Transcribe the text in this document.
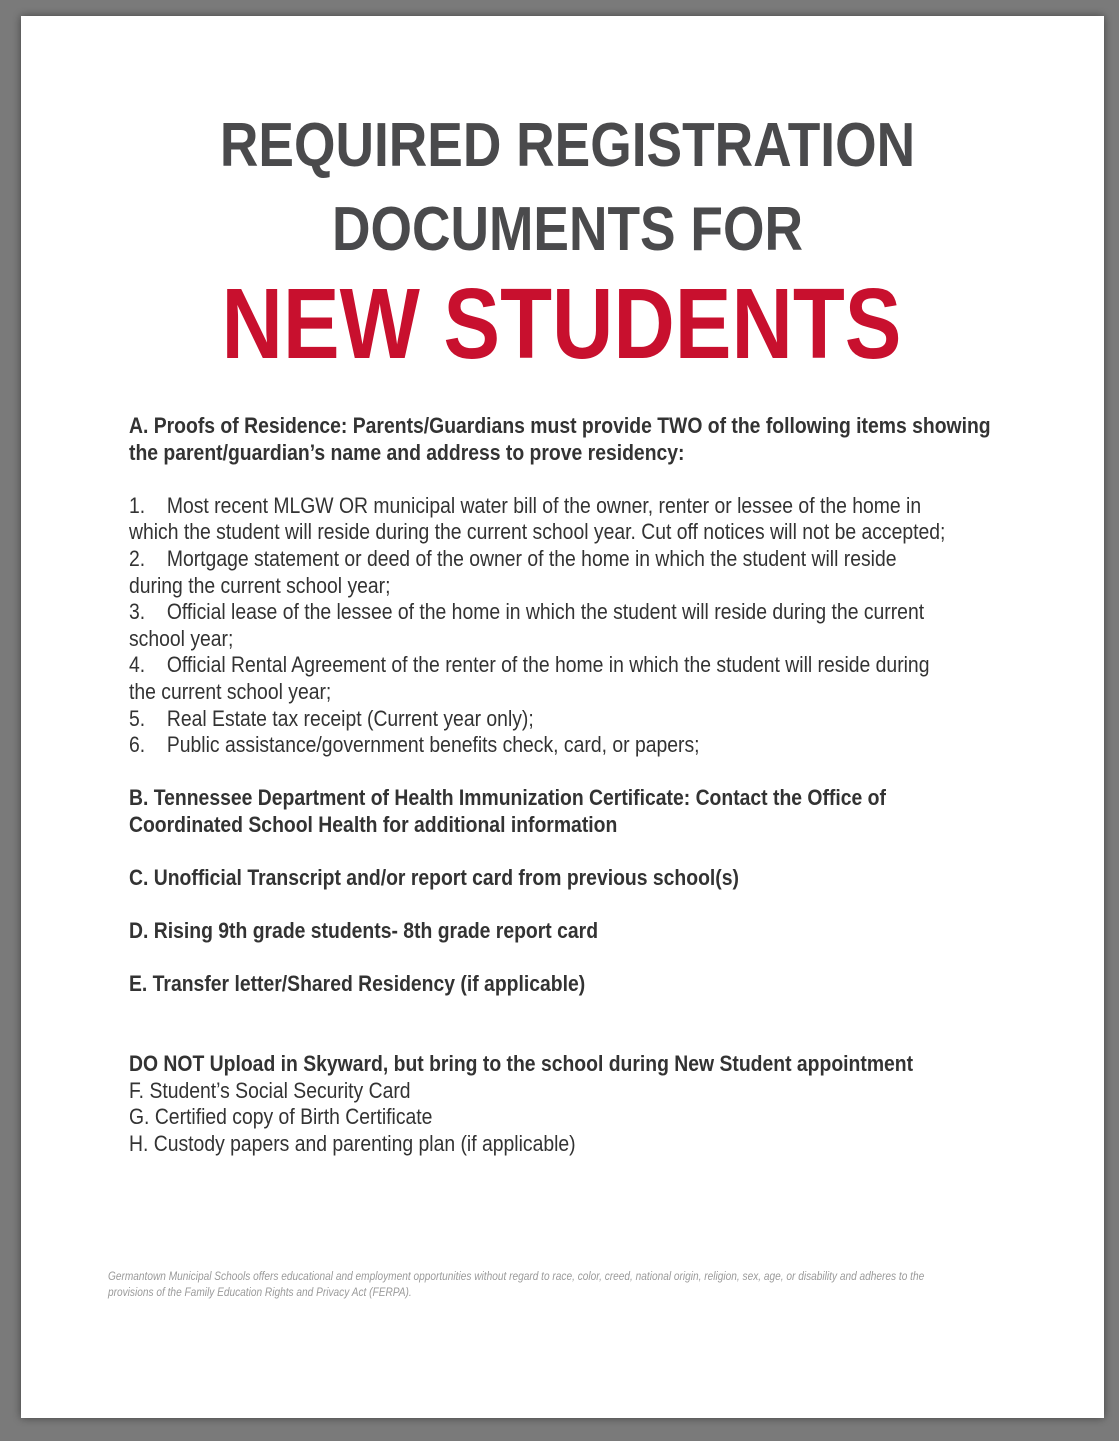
REQUIRED REGISTRATION
DOCUMENTS FOR
NEW STUDENTS
A. Proofs of Residence: Parents/Guardians must provide TWO of the following items showing
the parent/guardian’s name and address to prove residency:
1. Most recent MLGW OR municipal water bill of the owner, renter or lessee of the home in
which the student will reside during the current school year. Cut off notices will not be accepted;
2. Mortgage statement or deed of the owner of the home in which the student will reside
during the current school year;
3. Official lease of the lessee of the home in which the student will reside during the current
school year;
4. Official Rental Agreement of the renter of the home in which the student will reside during
the current school year;
5. Real Estate tax receipt (Current year only);
6. Public assistance/government benefits check, card, or papers;
B. Tennessee Department of Health Immunization Certificate: Contact the Office of
Coordinated School Health for additional information
C. Unofficial Transcript and/or report card from previous school(s)
D. Rising 9th grade students- 8th grade report card
E. Transfer letter/Shared Residency (if applicable)
DO NOT Upload in Skyward, but bring to the school during New Student appointment
F. Student’s Social Security Card
G. Certified copy of Birth Certificate
H. Custody papers and parenting plan (if applicable)
Germantown Municipal Schools offers educational and employment opportunities without regard to race, color, creed, national origin, religion, sex, age, or disability and adheres to the
provisions of the Family Education Rights and Privacy Act (FERPA).
